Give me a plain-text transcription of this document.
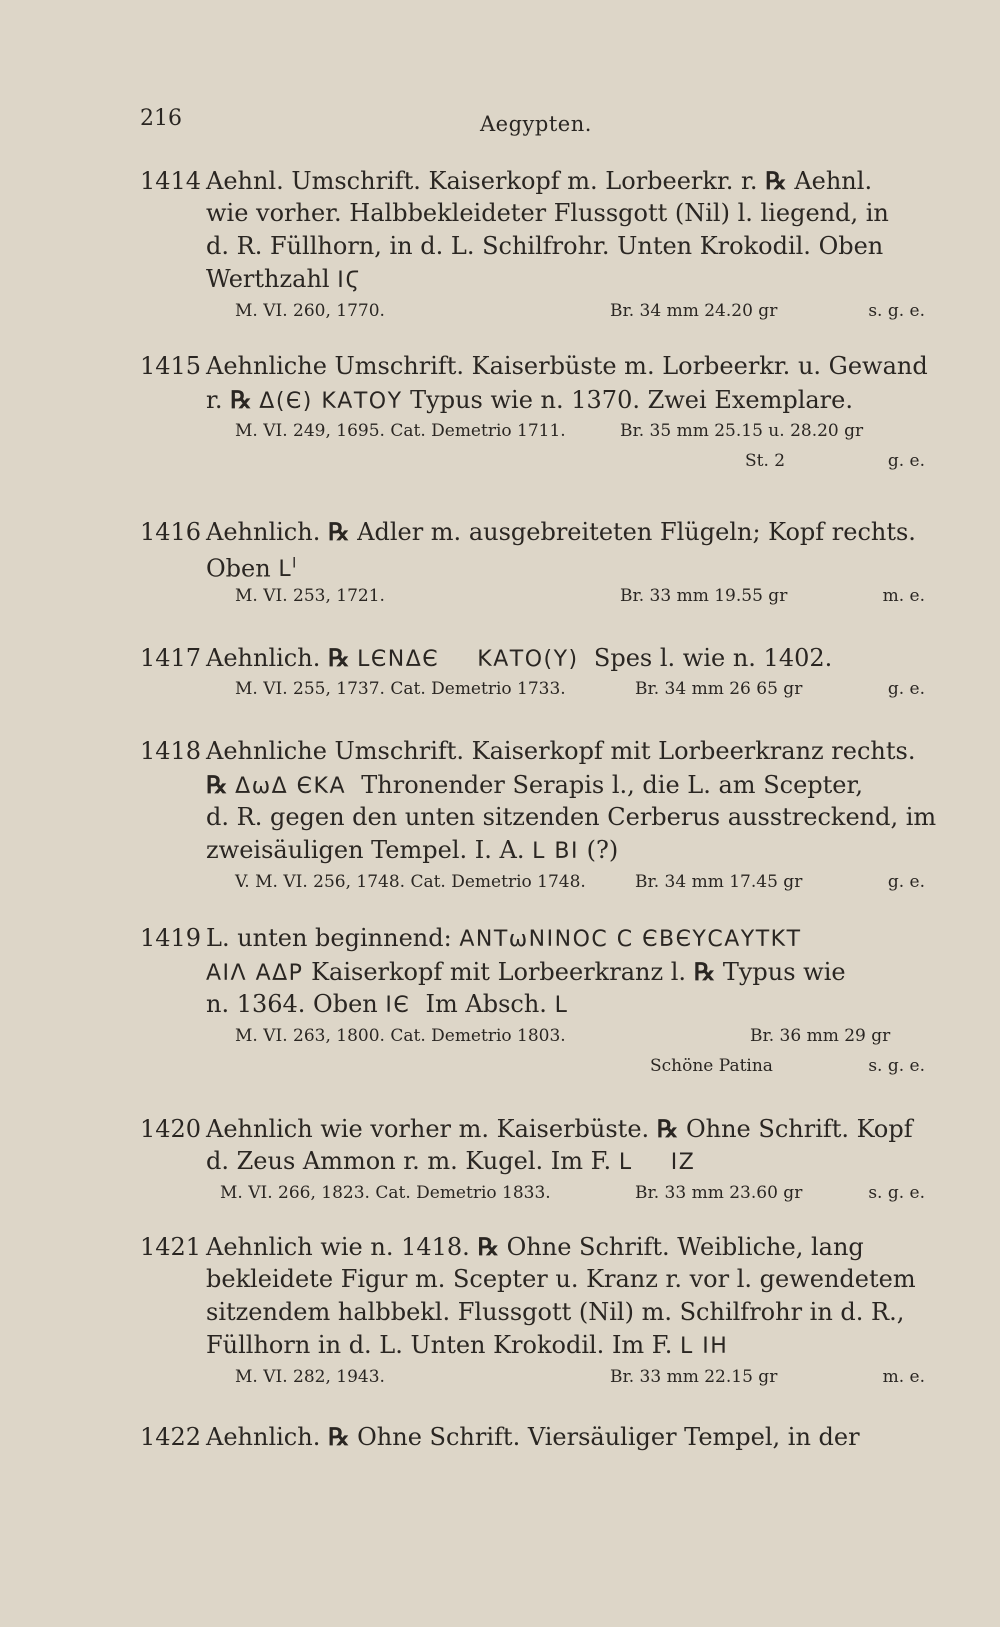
216	Aegypten.
1414 Aehnl. Umschrift. Kaiserkopf m. Lorbeerkr. r. ℞ Aehnl.
wie vorher. Halbbekleideter Flussgott (Nil) l. liegend, in
d. R. Füllhorn, in d. L. Schilfrohr. Unten Krokodil. Oben
Werthzahl IϚ
M. VI. 260, 1770.	Br. 34 mm 24.20 gr	s. g. e.
1415 Aehnliche Umschrift. Kaiserbüste m. Lorbeerkr. u. Gewand
r. ℞ Δ(Є) ΚΑΤΟΥ Typus wie n. 1370. Zwei Exemplare.
M. VI. 249, 1695. Cat. Demetrio 1711.	Br. 35 mm 25.15 u. 28.20 gr
St. 2	g. e.
1416 Aehnlich. ℞ Adler m. ausgebreiteten Flügeln; Kopf rechts.
Oben $L^I$
M. VI. 253, 1721.	Br. 33 mm 19.55 gr	m. e.
1417 Aehnlich. ℞ LЄΝΔЄ ΚΑΤΟ(Υ) Spes l. wie n. 1402.
M. VI. 255, 1737. Cat. Demetrio 1733.	Br. 34 mm 26 65 gr	g. e.
1418 Aehnliche Umschrift. Kaiserkopf mit Lorbeerkranz rechts.
℞ ΔωΔ ЄΚΑ Thronender Serapis l., die L. am Scepter,
d. R. gegen den unten sitzenden Cerberus ausstreckend, im
zweisäuligen Tempel. I. A. L ΒΙ (?)
V. M. VI. 256, 1748. Cat. Demetrio 1748.	Br. 34 mm 17.45 gr	g. e.
1419 L. unten beginnend: ΑΝΤωΝΙΝΟϹ Ϲ ЄΒЄΥϹΑΥΤΚΤ
ΑΙΛ ΑΔΡ Kaiserkopf mit Lorbeerkranz l. ℞ Typus wie
n. 1364. Oben ΙЄ Im Absch. L
M. VI. 263, 1800. Cat. Demetrio 1803.	Br. 36 mm 29 gr
Schöne Patina	s. g. e.
1420 Aehnlich wie vorher m. Kaiserbüste. ℞ Ohne Schrift. Kopf
d. Zeus Ammon r. m. Kugel. Im F. L IZ
M. VI. 266, 1823. Cat. Demetrio 1833.	Br. 33 mm 23.60 gr	s. g. e.
1421 Aehnlich wie n. 1418. ℞ Ohne Schrift. Weibliche, lang
bekleidete Figur m. Scepter u. Kranz r. vor l. gewendetem
sitzendem halbbekl. Flussgott (Nil) m. Schilfrohr in d. R.,
Füllhorn in d. L. Unten Krokodil. Im F. L ΙΗ
M. VI. 282, 1943.	Br. 33 mm 22.15 gr	m. e.
1422 Aehnlich. ℞ Ohne Schrift. Viersäuliger Tempel, in der
